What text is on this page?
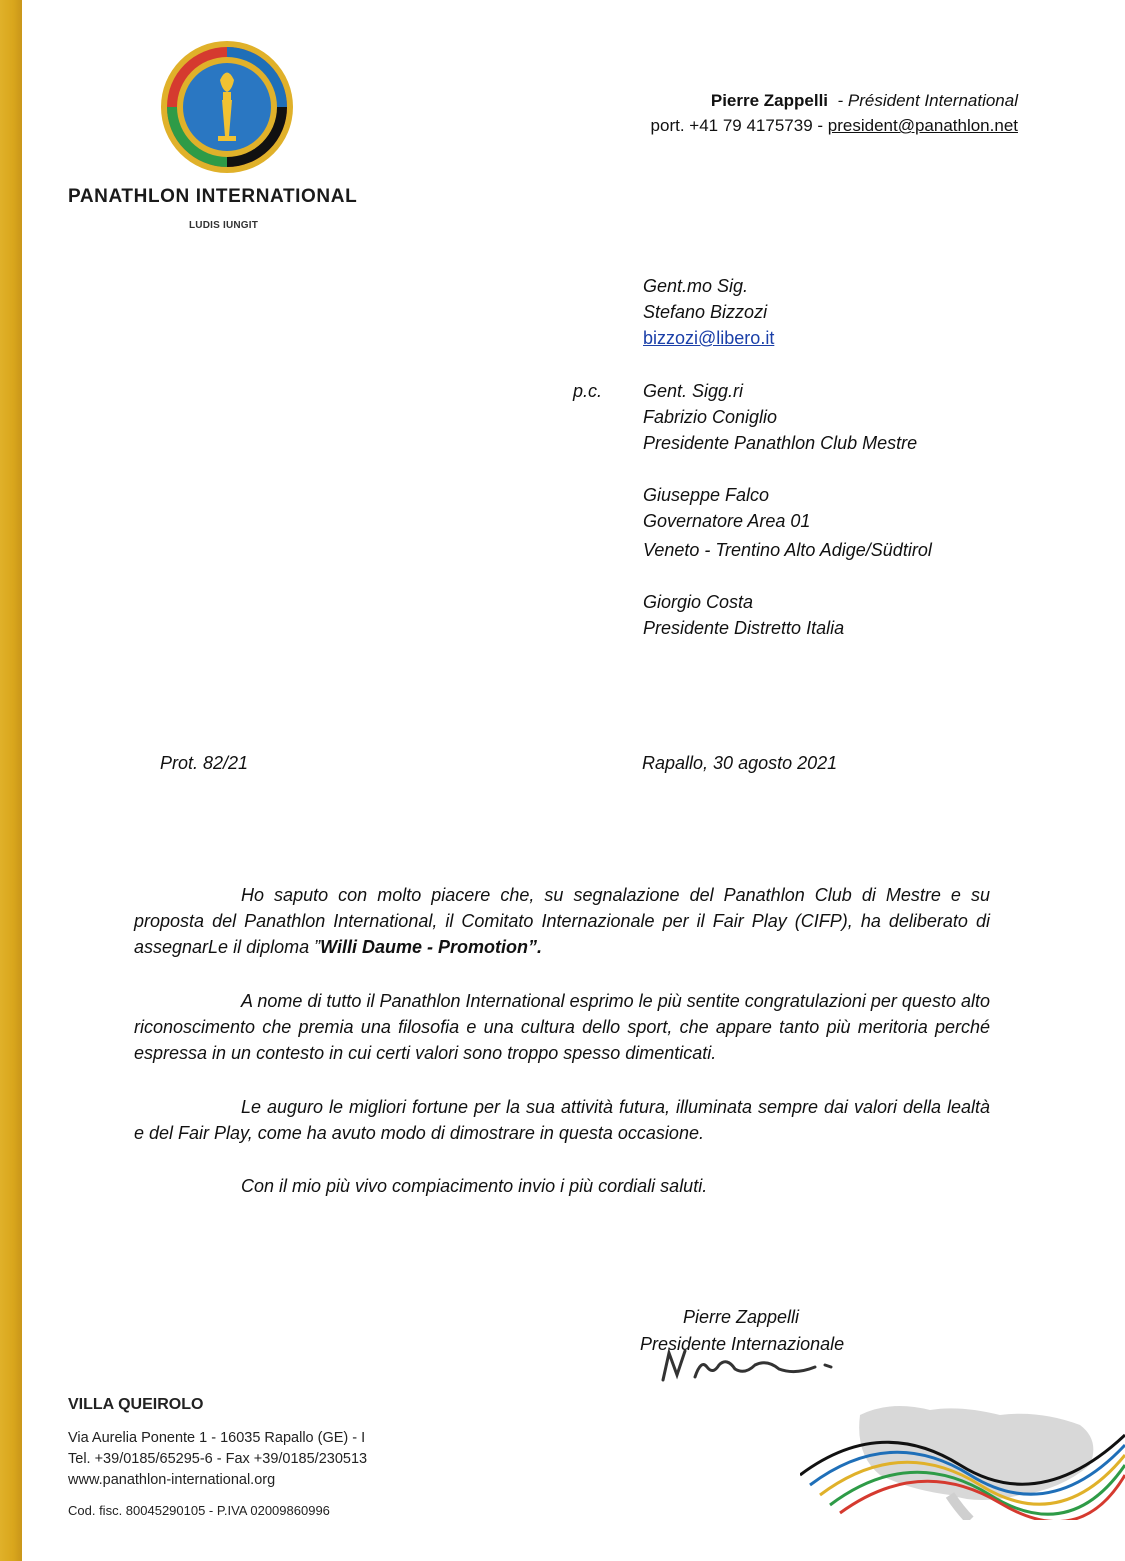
PANATHLON INTERNATIONAL
LUDIS IUNGIT
Pierre Zappelli - Président International
port. +41 79 4175739 - president@panathlon.net
Gent.mo Sig.
Stefano Bizzozi
bizzozi@libero.it
p.c. Gent. Sigg.ri
Fabrizio Coniglio
Presidente Panathlon Club Mestre
Giuseppe Falco
Governatore Area 01
Veneto - Trentino Alto Adige/Südtirol
Giorgio Costa
Presidente Distretto Italia
Prot. 82/21	Rapallo, 30 agosto 2021

Ho saputo con molto piacere che, su segnalazione del Panathlon Club di Mestre e su proposta del Panathlon International, il Comitato Internazionale per il Fair Play (CIFP), ha deliberato di assegnarLe il diploma ”Willi Daume - Promotion”.

A nome di tutto il Panathlon International esprimo le più sentite congratulazioni per questo alto riconoscimento che premia una filosofia e una cultura dello sport, che appare tanto più meritoria perché espressa in un contesto in cui certi valori sono troppo spesso dimenticati.

Le auguro le migliori fortune per la sua attività futura, illuminata sempre dai valori della lealtà e del Fair Play, come ha avuto modo di dimostrare in questa occasione.

Con il mio più vivo compiacimento invio i più cordiali saluti.

Pierre Zappelli
Presidente Internazionale
VILLA QUEIROLO
Via Aurelia Ponente 1 - 16035 Rapallo (GE) - I
Tel. +39/0185/65295-6 - Fax +39/0185/230513
www.panathlon-international.org
Cod. fisc. 80045290105 - P.IVA 02009860996
